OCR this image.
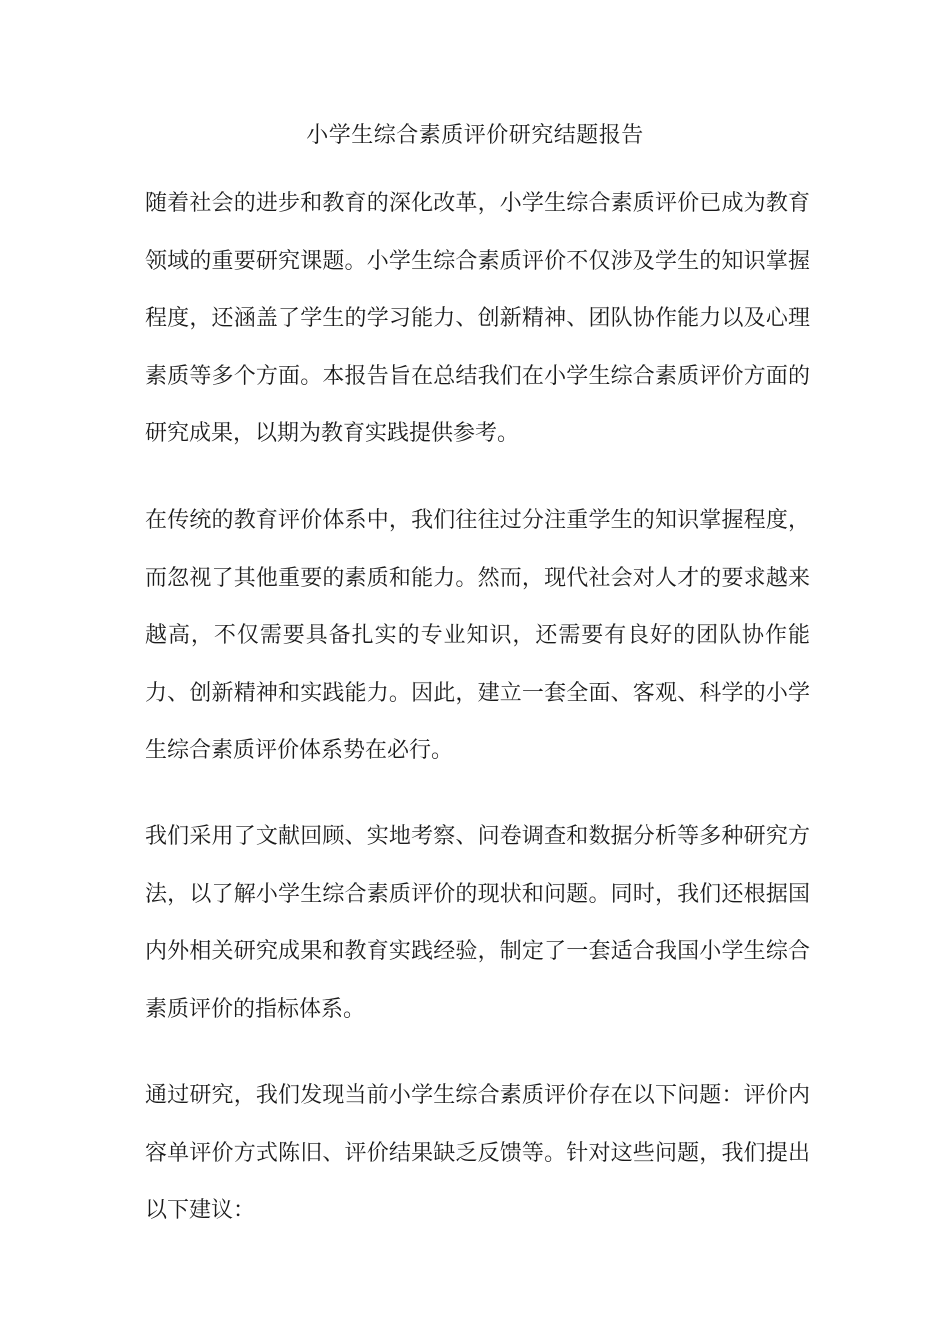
小学生综合素质评价研究结题报告

随着社会的进步和教育的深化改革，小学生综合素质评价已成为教育领域的重要研究课题。小学生综合素质评价不仅涉及学生的知识掌握程度，还涵盖了学生的学习能力、创新精神、团队协作能力以及心理素质等多个方面。本报告旨在总结我们在小学生综合素质评价方面的研究成果，以期为教育实践提供参考。

在传统的教育评价体系中，我们往往过分注重学生的知识掌握程度，而忽视了其他重要的素质和能力。然而，现代社会对人才的要求越来越高，不仅需要具备扎实的专业知识，还需要有良好的团队协作能力、创新精神和实践能力。因此，建立一套全面、客观、科学的小学生综合素质评价体系势在必行。

我们采用了文献回顾、实地考察、问卷调查和数据分析等多种研究方法，以了解小学生综合素质评价的现状和问题。同时，我们还根据国内外相关研究成果和教育实践经验，制定了一套适合我国小学生综合素质评价的指标体系。

通过研究，我们发现当前小学生综合素质评价存在以下问题：评价内容单评价方式陈旧、评价结果缺乏反馈等。针对这些问题，我们提出以下建议：
